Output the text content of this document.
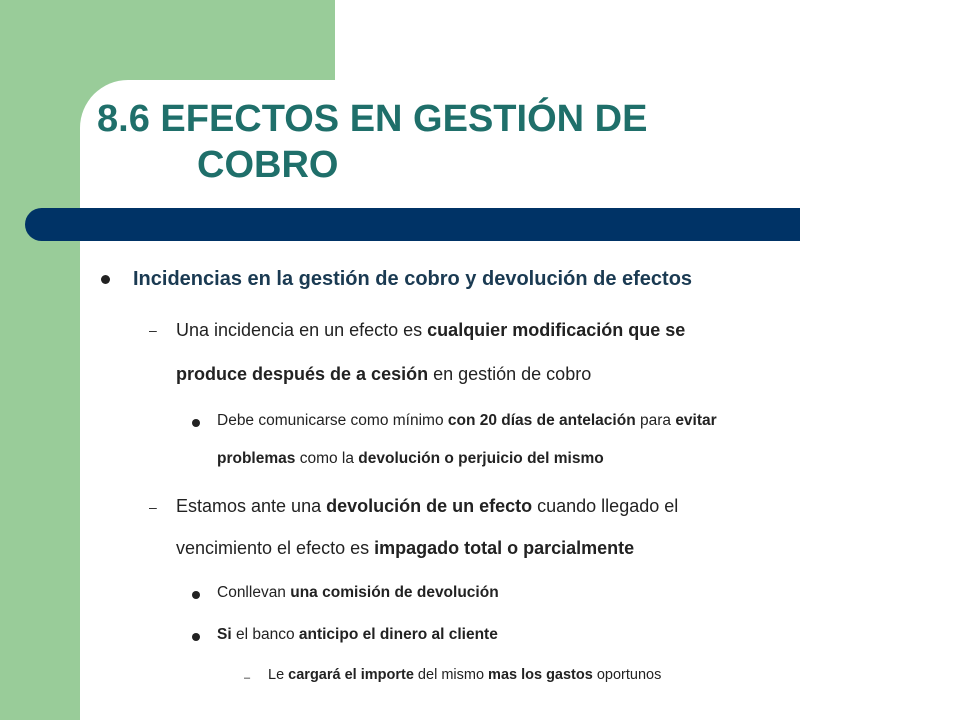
8.6 EFECTOS EN GESTIÓN DE
COBRO
Incidencias en la gestión de cobro y devolución de efectos
– Una incidencia en un efecto es cualquier modificación que se
produce después de a cesión en gestión de cobro
Debe comunicarse como mínimo con 20 días de antelación para evitar
problemas como la devolución o perjuicio del mismo
– Estamos ante una devolución de un efecto cuando llegado el
vencimiento el efecto es impagado total o parcialmente
Conllevan una comisión de devolución
Si el banco anticipo el dinero al cliente
– Le cargará el importe del mismo mas los gastos oportunos
